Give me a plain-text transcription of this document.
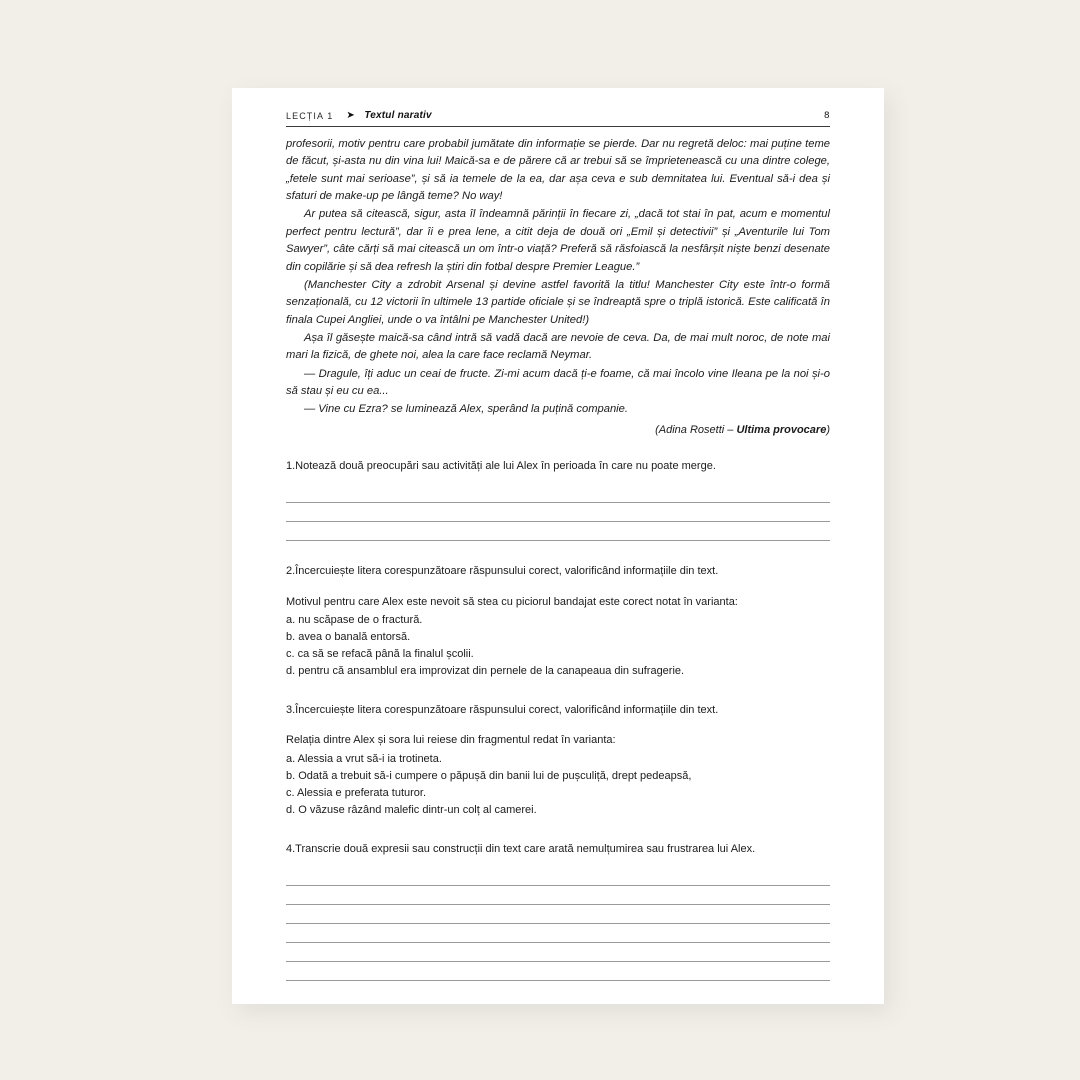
LECȚIA 1 ➤ Textul narativ	8

profesorii, motiv pentru care probabil jumătate din informație se pierde. Dar nu regretă deloc: mai puține teme de făcut, și-asta nu din vina lui! Maică-sa e de părere că ar trebui să se împrietenească cu una dintre colege, „fetele sunt mai serioase”, și să ia temele de la ea, dar așa ceva e sub demnitatea lui. Eventual să-i dea și sfaturi de make-up pe lângă teme? No way!

Ar putea să citească, sigur, asta îl îndeamnă părinții în fiecare zi, „dacă tot stai în pat, acum e momentul perfect pentru lectură”, dar îi e prea lene, a citit deja de două ori „Emil și detectivii” și „Aventurile lui Tom Sawyer”, câte cărți să mai citească un om într-o viață? Preferă să răsfoiască la nesfârșit niște benzi desenate din copilărie și să dea refresh la știri din fotbal despre Premier League.”

(Manchester City a zdrobit Arsenal și devine astfel favorită la titlu! Manchester City este într-o formă senzațională, cu 12 victorii în ultimele 13 partide oficiale și se îndreaptă spre o triplă istorică. Este calificată în finala Cupei Angliei, unde o va întâlni pe Manchester United!)

Așa îl găsește maică-sa când intră să vadă dacă are nevoie de ceva. Da, de mai mult noroc, de note mai mari la fizică, de ghete noi, alea la care face reclamă Neymar.

— Dragule, îți aduc un ceai de fructe. Zi-mi acum dacă ți-e foame, că mai încolo vine Ileana pe la noi și-o să stau și eu cu ea...

— Vine cu Ezra? se luminează Alex, sperând la puțină companie.

(Adina Rosetti – Ultima provocare)

1.Notează două preocupări sau activități ale lui Alex în perioada în care nu poate merge.

2.Încercuiește litera corespunzătoare răspunsului corect, valorificând informațiile din text.

Motivul pentru care Alex este nevoit să stea cu piciorul bandajat este corect notat în varianta:

a. nu scăpase de o fractură.

b. avea o banală entorsă.

c. ca să se refacă până la finalul școlii.

d. pentru că ansamblul era improvizat din pernele de la canapeaua din sufragerie.

3.Încercuiește litera corespunzătoare răspunsului corect, valorificând informațiile din text.

Relația dintre Alex și sora lui reiese din fragmentul redat în varianta:

a. Alessia a vrut să-i ia trotineta.

b. Odată a trebuit să-i cumpere o păpușă din banii lui de pușculiță, drept pedeapsă,

c. Alessia e preferata tuturor.

d. O văzuse râzând malefic dintr-un colț al camerei.

4.Transcrie două expresii sau construcții din text care arată nemulțumirea sau frustrarea lui Alex.
